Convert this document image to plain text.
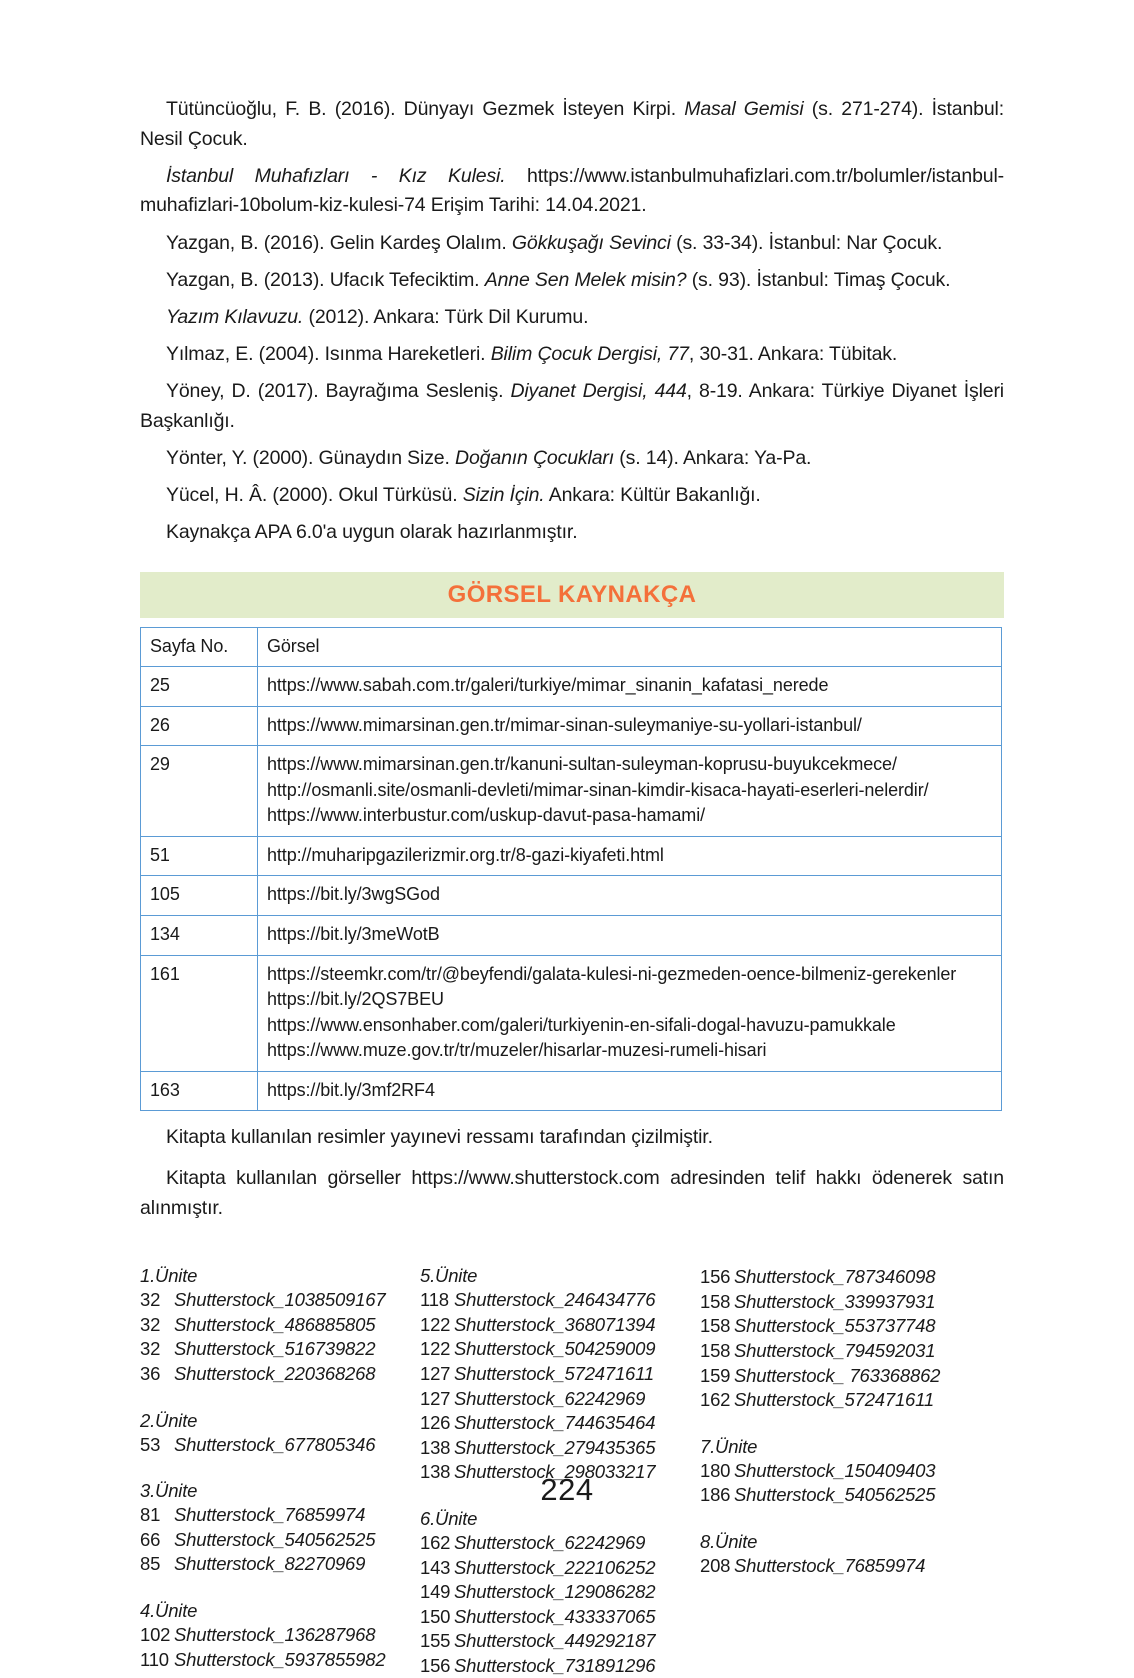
Tütüncüoğlu, F. B. (2016). Dünyayı Gezmek İsteyen Kirpi. Masal Gemisi (s. 271-274). İstanbul: Nesil Çocuk.

İstanbul Muhafızları - Kız Kulesi. https://www.istanbulmuhafizlari.com.tr/bolumler/istanbul-muhafizlari-10bolum-kiz-kulesi-74 Erişim Tarihi: 14.04.2021.

Yazgan, B. (2016). Gelin Kardeş Olalım. Gökkuşağı Sevinci (s. 33-34). İstanbul: Nar Çocuk.

Yazgan, B. (2013). Ufacık Tefeciktim. Anne Sen Melek misin? (s. 93). İstanbul: Timaş Çocuk.

Yazım Kılavuzu. (2012). Ankara: Türk Dil Kurumu.

Yılmaz, E. (2004). Isınma Hareketleri. Bilim Çocuk Dergisi, 77, 30-31. Ankara: Tübitak.

Yöney, D. (2017). Bayrağıma Sesleniş. Diyanet Dergisi, 444, 8-19. Ankara: Türkiye Diyanet İşleri Başkanlığı.

Yönter, Y. (2000). Günaydın Size. Doğanın Çocukları (s. 14). Ankara: Ya-Pa.

Yücel, H. Â. (2000). Okul Türküsü. Sizin İçin. Ankara: Kültür Bakanlığı.

Kaynakça APA 6.0'a uygun olarak hazırlanmıştır.

GÖRSEL KAYNAKÇA
Sayfa No.	Görsel
25	https://www.sabah.com.tr/galeri/turkiye/mimar_sinanin_kafatasi_nerede

26	https://www.mimarsinan.gen.tr/mimar-sinan-suleymaniye-su-yollari-istanbul/

29	https://www.mimarsinan.gen.tr/kanuni-sultan-suleyman-koprusu-buyukcekmece/
http://osmanli.site/osmanli-devleti/mimar-sinan-kimdir-kisaca-hayati-eserleri-nelerdir/
https://www.interbustur.com/uskup-davut-pasa-hamami/

51	http://muharipgazilerizmir.org.tr/8-gazi-kiyafeti.html

105	https://bit.ly/3wgSGod

134	https://bit.ly/3meWotB

161	https://steemkr.com/tr/@beyfendi/galata-kulesi-ni-gezmeden-oence-bilmeniz-gerekenler
https://bit.ly/2QS7BEU
https://www.ensonhaber.com/galeri/turkiyenin-en-sifali-dogal-havuzu-pamukkale
https://www.muze.gov.tr/tr/muzeler/hisarlar-muzesi-rumeli-hisari

163	https://bit.ly/3mf2RF4

Kitapta kullanılan resimler yayınevi ressamı tarafından çizilmiştir.

Kitapta kullanılan görseller https://www.shutterstock.com adresinden telif hakkı ödenerek satın alınmıştır.

1.Ünite
32 Shutterstock_1038509167
32 Shutterstock_486885805
32 Shutterstock_516739822
36 Shutterstock_220368268
2.Ünite
53 Shutterstock_677805346
3.Ünite
81 Shutterstock_76859974
66 Shutterstock_540562525
85 Shutterstock_82270969
4.Ünite
102 Shutterstock_136287968
110 Shutterstock_5937855982
5.Ünite
118 Shutterstock_246434776
122 Shutterstock_368071394
122 Shutterstock_504259009
127 Shutterstock_572471611
127 Shutterstock_62242969
126 Shutterstock_744635464
138 Shutterstock_279435365
138 Shutterstock_298033217
6.Ünite
162 Shutterstock_62242969
143 Shutterstock_222106252
149 Shutterstock_129086282
150 Shutterstock_433337065
155 Shutterstock_449292187
156 Shutterstock_731891296
156 Shutterstock_787346098
158 Shutterstock_339937931
158 Shutterstock_553737748
158 Shutterstock_794592031
159 Shutterstock_ 763368862
162 Shutterstock_572471611
7.Ünite
180 Shutterstock_150409403
186 Shutterstock_540562525
8.Ünite
208 Shutterstock_76859974
224
